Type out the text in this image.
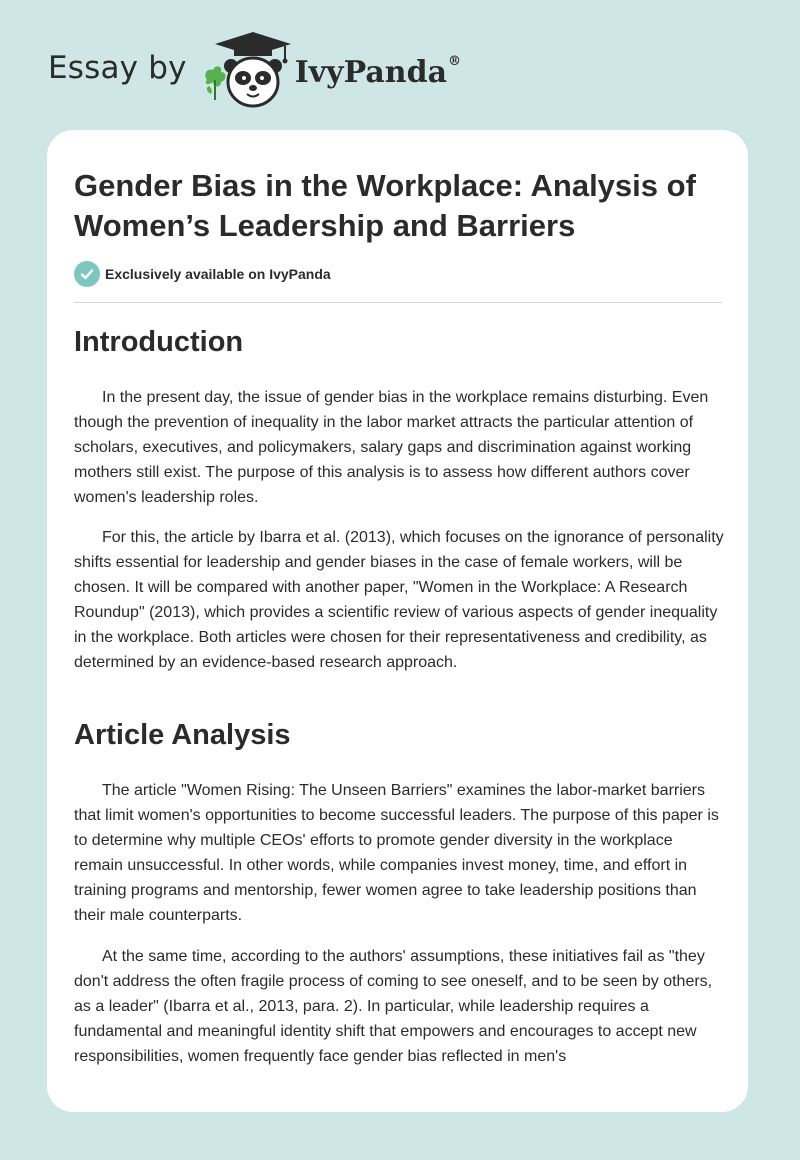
Essay by	IvyPanda®
Gender Bias in the Workplace: Analysis of Women’s Leadership and Barriers
Exclusively available on IvyPanda
Introduction

In the present day, the issue of gender bias in the workplace remains disturbing. Even though the prevention of inequality in the labor market attracts the particular attention of scholars, executives, and policymakers, salary gaps and discrimination against working mothers still exist. The purpose of this analysis is to assess how different authors cover women's leadership roles.

For this, the article by Ibarra et al. (2013), which focuses on the ignorance of personality shifts essential for leadership and gender biases in the case of female workers, will be chosen. It will be compared with another paper, "Women in the Workplace: A Research Roundup" (2013), which provides a scientific review of various aspects of gender inequality in the workplace. Both articles were chosen for their representativeness and credibility, as determined by an evidence-based research approach.

Article Analysis

The article "Women Rising: The Unseen Barriers" examines the labor-market barriers that limit women's opportunities to become successful leaders. The purpose of this paper is to determine why multiple CEOs' efforts to promote gender diversity in the workplace remain unsuccessful. In other words, while companies invest money, time, and effort in training programs and mentorship, fewer women agree to take leadership positions than their male counterparts.

At the same time, according to the authors' assumptions, these initiatives fail as "they don't address the often fragile process of coming to see oneself, and to be seen by others, as a leader" (Ibarra et al., 2013, para. 2). In particular, while leadership requires a fundamental and meaningful identity shift that empowers and encourages to accept new responsibilities, women frequently face gender bias reflected in men's
